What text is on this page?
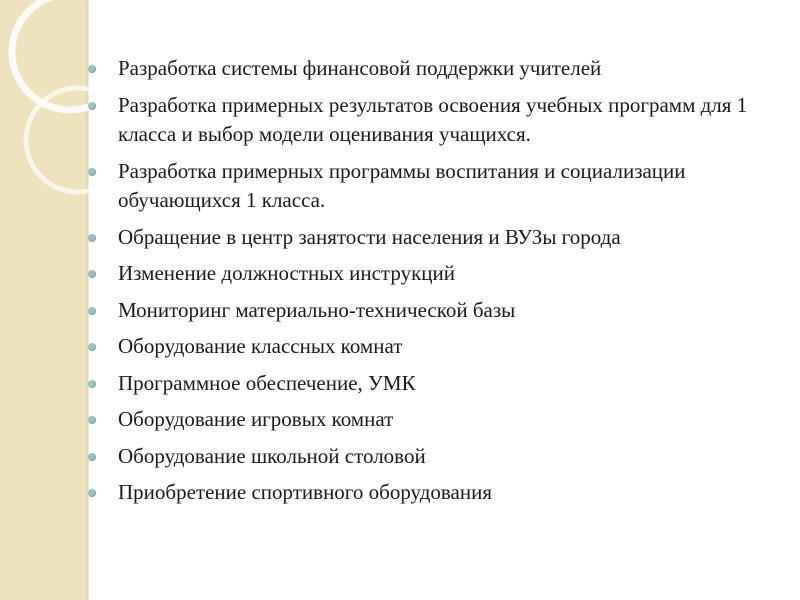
Разработка системы финансовой поддержки учителей
Разработка примерных результатов освоения учебных программ для 1 класса и выбор модели оценивания учащихся.
Разработка примерных программы воспитания и социализации обучающихся 1 класса.
Обращение в центр занятости населения и ВУЗы города
Изменение должностных инструкций
Мониторинг материально-технической базы
Оборудование классных комнат
Программное обеспечение, УМК
Оборудование игровых комнат
Оборудование школьной столовой
Приобретение спортивного оборудования
